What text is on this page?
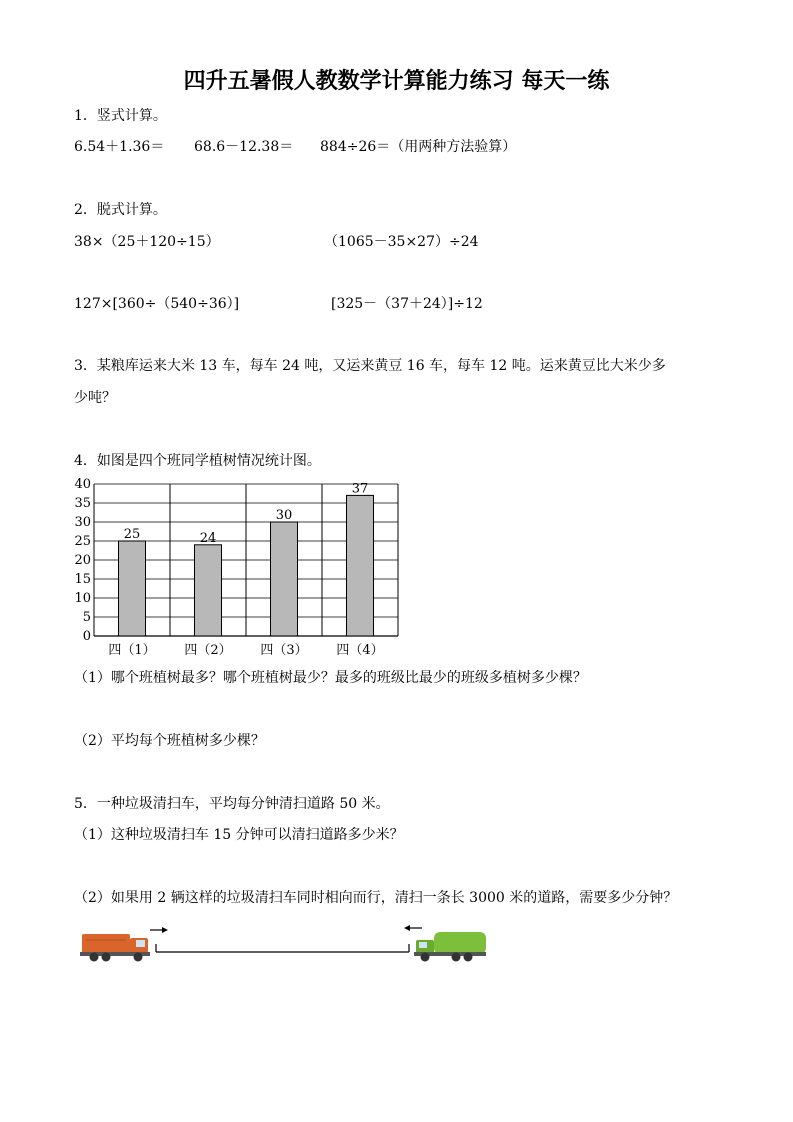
四升五暑假人教数学计算能力练习 每天一练
1．竖式计算。
6.54＋1.36＝ 68.6－12.38＝ 884÷26＝（用两种方法验算）
2．脱式计算。
38×（25＋120÷15）	（1065－35×27）÷24
127×[360÷（540÷36）]	[325－（37＋24）]÷12
3．某粮库运来大米 13 车，每车 24 吨，又运来黄豆 16 车，每车 12 吨。运来黄豆比大米少多
少吨？
4．如图是四个班同学植树情况统计图。
0
5
10
15
20
25
30
35
40
25
四（1）
24
四（2）
30
四（3）
37
四（4）
（1）哪个班植树最多？哪个班植树最少？最多的班级比最少的班级多植树多少棵？
（2）平均每个班植树多少棵？
5．一种垃圾清扫车，平均每分钟清扫道路 50 米。
（1）这种垃圾清扫车 15 分钟可以清扫道路多少米？
（2）如果用 2 辆这样的垃圾清扫车同时相向而行，清扫一条长 3000 米的道路，需要多少分钟？
